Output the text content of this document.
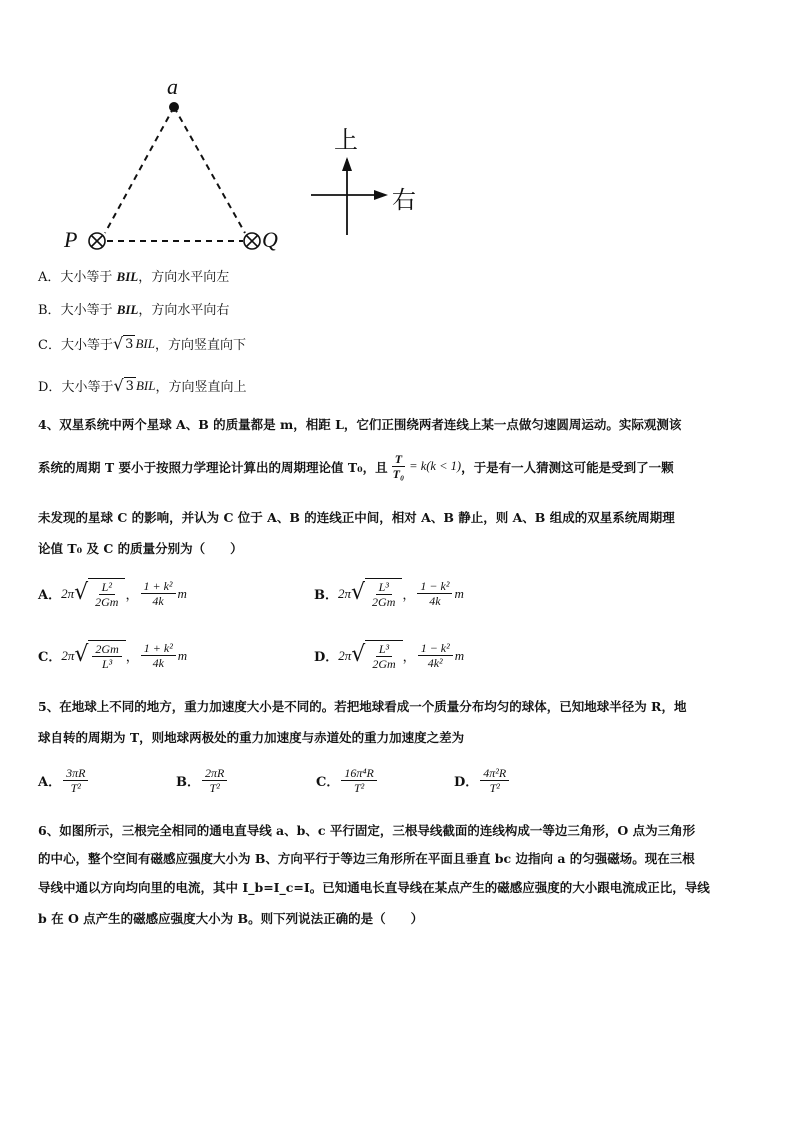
a
P	Q
上
右
A．大小等于 BIL，方向水平向左
B．大小等于 BIL，方向水平向右
C． 大小等于 √ 3 BIL ，方向竖直向下
D． 大小等于 √ 3 BIL ，方向竖直向上
4、双星系统中两个星球 A、B 的质量都是 m，相距 L，它们正围绕两者连线上某一点做匀速圆周运动。实际观测该
系统的周期 T 要小于按照力学理论计算出的周期理论值 T₀，且 $\frac{T}{\text{T₀}} = k(k < 1)$ ，于是有一人猜测这可能是受到了一颗
未发现的星球 C 的影响，并认为 C 位于 A、B 的连线正中间，相对 A、B 静止，则 A、B 组成的双星系统周期理
论值 T₀ 及 C 的质量分别为（　　）
A． 2π √ $\frac{\text{L²}}{2Gm}$ ， $\frac{\text{1 + k²}}{4k}$ m	B． 2π √ $\frac{\text{L³}}{2Gm}$ ， $\frac{\text{1 − k²}}{4k}$ m
C． 2π √ $\frac{2Gm}{\text{L³}}$ ， $\frac{\text{1 + k²}}{4k}$ m	D． 2π √ $\frac{\text{L³}}{2Gm}$ ， $\frac{\text{1 − k²}}{\text{4k²}}$ m
5、在地球上不同的地方，重力加速度大小是不同的。若把地球看成一个质量分布均匀的球体，已知地球半径为 R，地
球自转的周期为 T，则地球两极处的重力加速度与赤道处的重力加速度之差为
A． $\frac{3\pi R}{\text{T²}}$	B． $\frac{2\pi R}{\text{T²}}$	C． $\frac{\text{16π⁴R}}{\text{T²}}$	D． $\frac{\text{4π²R}}{\text{T²}}$
6、如图所示，三根完全相同的通电直导线 a、b、c 平行固定，三根导线截面的连线构成一等边三角形，O 点为三角形
的中心，整个空间有磁感应强度大小为 B、方向平行于等边三角形所在平面且垂直 bc 边指向 a 的匀强磁场。现在三根
导线中通以方向均向里的电流，其中 I_b=I_c=I。已知通电长直导线在某点产生的磁感应强度的大小跟电流成正比，导线
b 在 O 点产生的磁感应强度大小为 B。则下列说法正确的是（　　）
